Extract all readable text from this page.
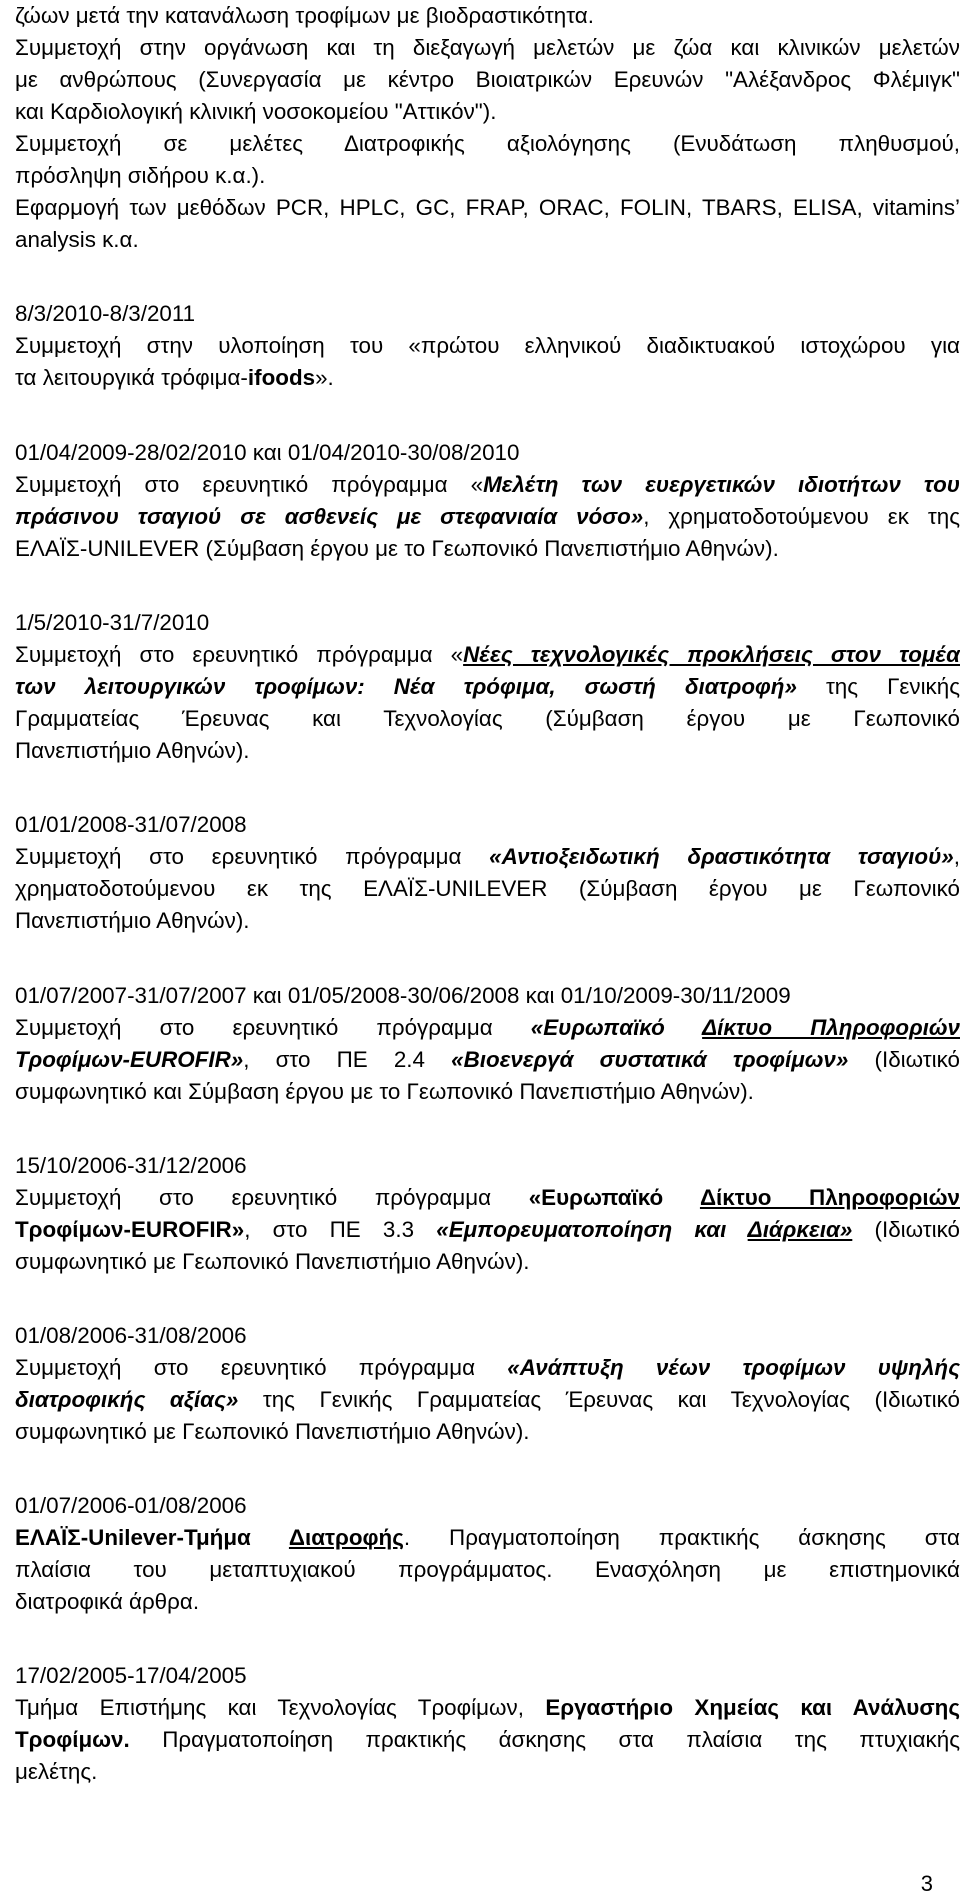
ζώων μετά την κατανάλωση τροφίμων με βιοδραστικότητα.
Συμμετοχή στην οργάνωση και τη διεξαγωγή μελετών με ζώα και κλινικών μελετών
με ανθρώπους (Συνεργασία με κέντρο Βιοιατρικών Ερευνών "Αλέξανδρος Φλέμιγκ"
και Καρδιολογική κλινική νοσοκομείου "Αττικόν").
Συμμετοχή σε μελέτες Διατροφικής αξιολόγησης (Ενυδάτωση πληθυσμού,
πρόσληψη σιδήρου κ.α.).
Εφαρμογή των μεθόδων PCR, HPLC, GC, FRAP, ORAC, FOLIN, TBARS, ELISA, vitamins’
analysis κ.α.
8/3/2010-8/3/2011
Συμμετοχή στην υλοποίηση του «πρώτου ελληνικού διαδικτυακού ιστοχώρου για
τα λειτουργικά τρόφιμα-ifoods».
01/04/2009-28/02/2010 και 01/04/2010-30/08/2010
Συμμετοχή στο ερευνητικό πρόγραμμα «Μελέτη των ευεργετικών ιδιοτήτων του
πράσινου τσαγιού σε ασθενείς με στεφανιαία νόσο», χρηματοδοτούμενου εκ της
ΕΛΑΪΣ-UNILEVER (Σύμβαση έργου με το Γεωπονικό Πανεπιστήμιο Αθηνών).
1/5/2010-31/7/2010
Συμμετοχή στο ερευνητικό πρόγραμμα «Νέες τεχνολογικές προκλήσεις στον τομέα
των λειτουργικών τροφίμων: Νέα τρόφιμα, σωστή διατροφή» της Γενικής
Γραμματείας Έρευνας και Τεχνολογίας (Σύμβαση έργου με Γεωπονικό
Πανεπιστήμιο Αθηνών).
01/01/2008-31/07/2008
Συμμετοχή στο ερευνητικό πρόγραμμα «Αντιοξειδωτική δραστικότητα τσαγιού»,
χρηματοδοτούμενου εκ της ΕΛΑΪΣ-UNILEVER (Σύμβαση έργου με Γεωπονικό
Πανεπιστήμιο Αθηνών).
01/07/2007-31/07/2007 και 01/05/2008-30/06/2008 και 01/10/2009-30/11/2009
Συμμετοχή στο ερευνητικό πρόγραμμα «Ευρωπαϊκό Δίκτυο Πληροφοριών
Τροφίμων-EUROFIR», στο ΠΕ 2.4 «Βιοενεργά συστατικά τροφίμων» (Ιδιωτικό
συμφωνητικό και Σύμβαση έργου με το Γεωπονικό Πανεπιστήμιο Αθηνών).
15/10/2006-31/12/2006
Συμμετοχή στο ερευνητικό πρόγραμμα «Ευρωπαϊκό Δίκτυο Πληροφοριών
Τροφίμων-EUROFIR», στο ΠΕ 3.3 «Εμπορευματοποίηση και Διάρκεια» (Ιδιωτικό
συμφωνητικό με Γεωπονικό Πανεπιστήμιο Αθηνών).
01/08/2006-31/08/2006
Συμμετοχή στο ερευνητικό πρόγραμμα «Ανάπτυξη νέων τροφίμων υψηλής
διατροφικής αξίας» της Γενικής Γραμματείας Έρευνας και Τεχνολογίας (Ιδιωτικό
συμφωνητικό με Γεωπονικό Πανεπιστήμιο Αθηνών).
01/07/2006-01/08/2006
ΕΛΑΪΣ-Unilever-Τμήμα Διατροφής. Πραγματοποίηση πρακτικής άσκησης στα
πλαίσια του μεταπτυχιακού προγράμματος. Ενασχόληση με επιστημονικά
διατροφικά άρθρα.
17/02/2005-17/04/2005
Τμήμα Επιστήμης και Τεχνολογίας Τροφίμων, Εργαστήριο Χημείας και Ανάλυσης
Τροφίμων. Πραγματοποίηση πρακτικής άσκησης στα πλαίσια της πτυχιακής
μελέτης.
3
